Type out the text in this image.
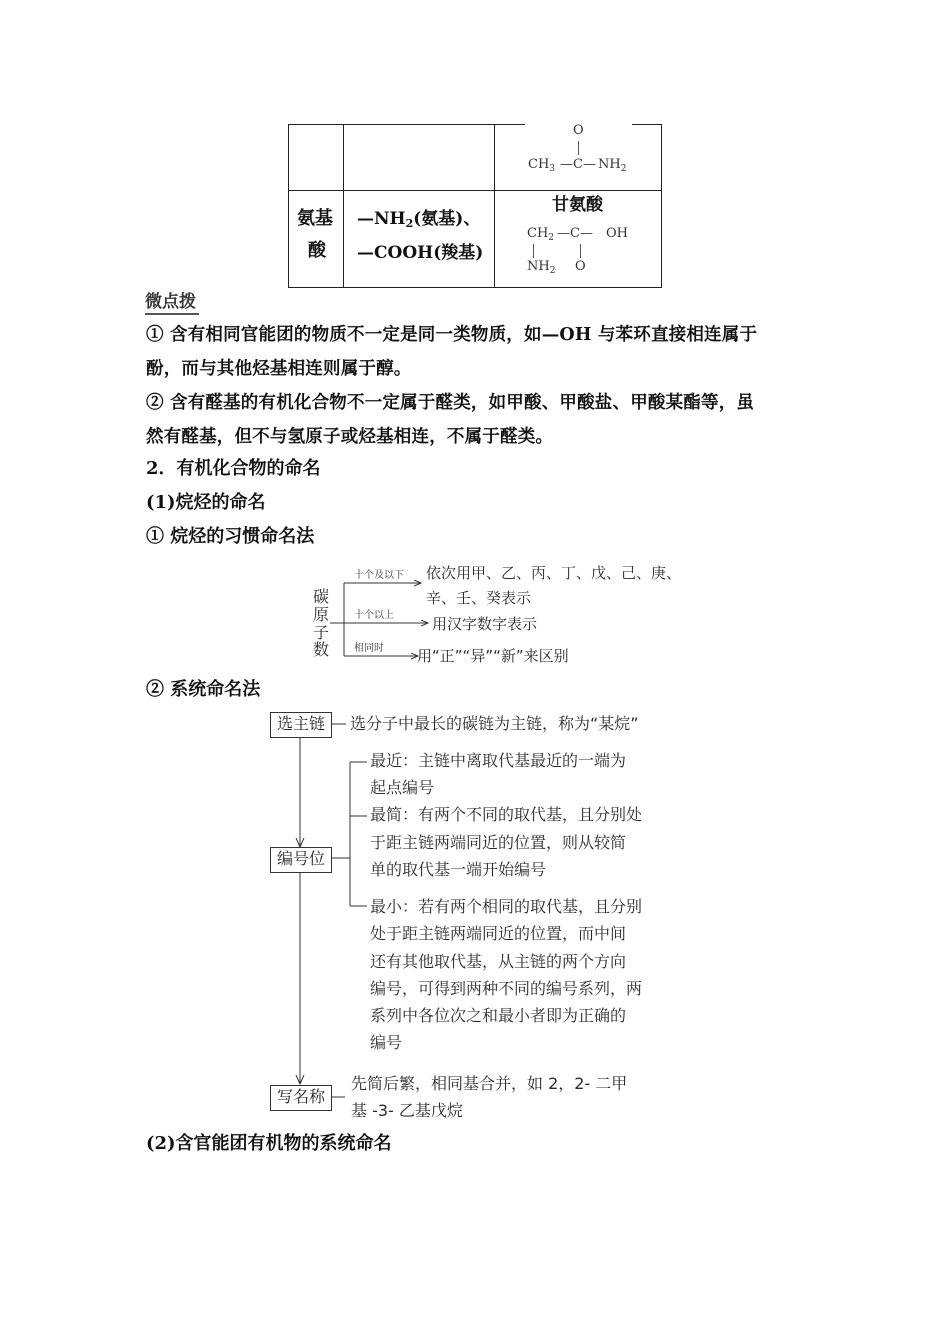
O
$CH_3$ —C— $NH_2$
氨基
酸
—NH2(氨基)、
—COOH(羧基)
甘氨酸
$CH_2$ —C— OH
$NH_2$ O
微点拨
① 含有相同官能团的物质不一定是同一类物质，如—OH 与苯环直接相连属于
酚，而与其他烃基相连则属于醇。
② 含有醛基的有机化合物不一定属于醛类，如甲酸、甲酸盐、甲酸某酯等，虽
然有醛基，但不与氢原子或烃基相连，不属于醛类。
2．有机化合物的命名
(1)烷烃的命名
① 烷烃的习惯命名法
碳
原
子
数
十个及以下 依次用甲、乙、丙、丁、戊、己、庚、
辛、壬、癸表示
十个以上	用汉字数字表示
相同时 用“正”“异”“新”来区别
② 系统命名法
选主链	选分子中最长的碳链为主链，称为“某烷”
编号位
最近：主链中离取代基最近的一端为
起点编号
最简：有两个不同的取代基，且分别处
于距主链两端同近的位置，则从较简
单的取代基一端开始编号
最小：若有两个相同的取代基，且分别
处于距主链两端同近的位置，而中间
还有其他取代基，从主链的两个方向
编号，可得到两种不同的编号系列，两
系列中各位次之和最小者即为正确的
编号
写名称
先简后繁，相同基合并，如 2，2- 二甲
基 -3- 乙基戊烷
(2)含官能团有机物的系统命名
